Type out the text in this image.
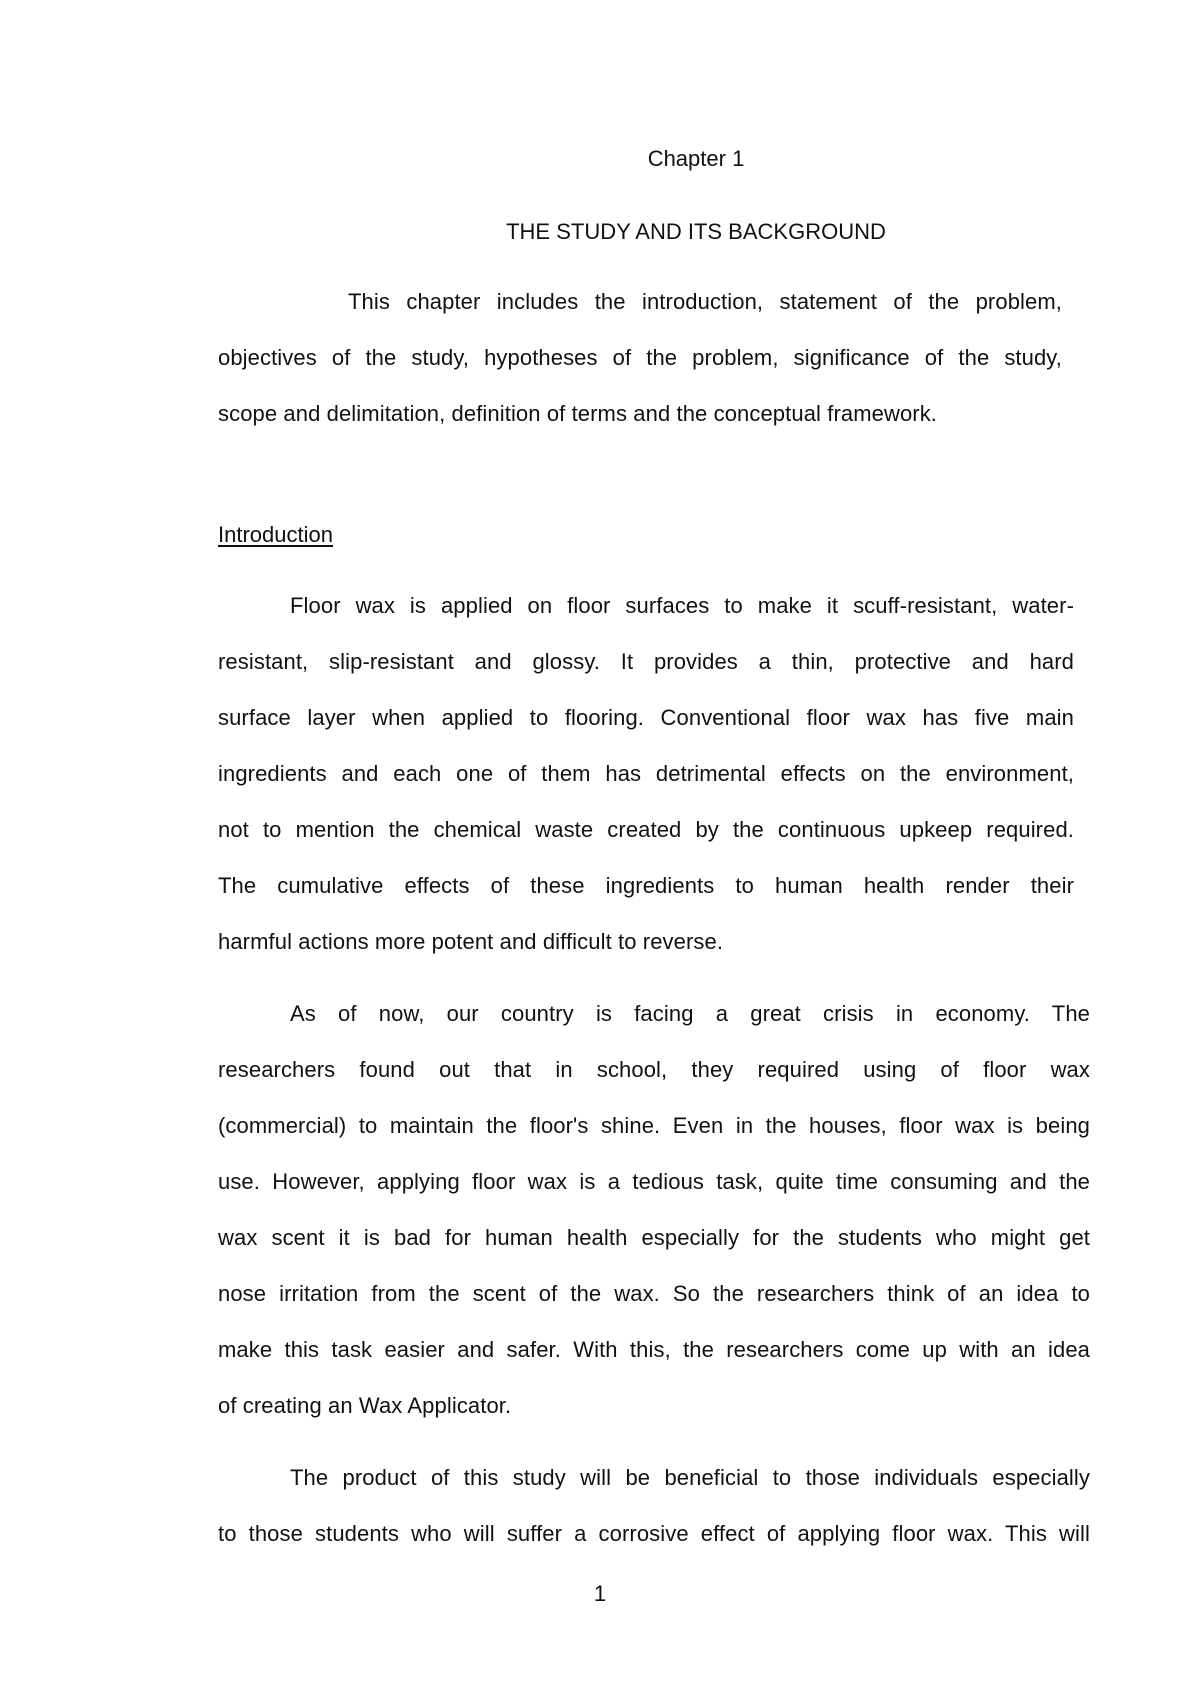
Chapter 1
THE STUDY AND ITS BACKGROUND
This chapter includes the introduction, statement of the problem,
objectives of the study, hypotheses of the problem, significance of the study,
scope and delimitation, definition of terms and the conceptual framework.
Introduction
Floor wax is applied on floor surfaces to make it scuff-resistant, water-
resistant, slip-resistant and glossy. It provides a thin, protective and hard
surface layer when applied to flooring. Conventional floor wax has five main
ingredients and each one of them has detrimental effects on the environment,
not to mention the chemical waste created by the continuous upkeep required.
The cumulative effects of these ingredients to human health render their
harmful actions more potent and difficult to reverse.
As of now, our country is facing a great crisis in economy. The
researchers found out that in school, they required using of floor wax
(commercial) to maintain the floor's shine. Even in the houses, floor wax is being
use. However, applying floor wax is a tedious task, quite time consuming and the
wax scent it is bad for human health especially for the students who might get
nose irritation from the scent of the wax. So the researchers think of an idea to
make this task easier and safer. With this, the researchers come up with an idea
of creating an Wax Applicator.
The product of this study will be beneficial to those individuals especially
to those students who will suffer a corrosive effect of applying floor wax. This will
1
